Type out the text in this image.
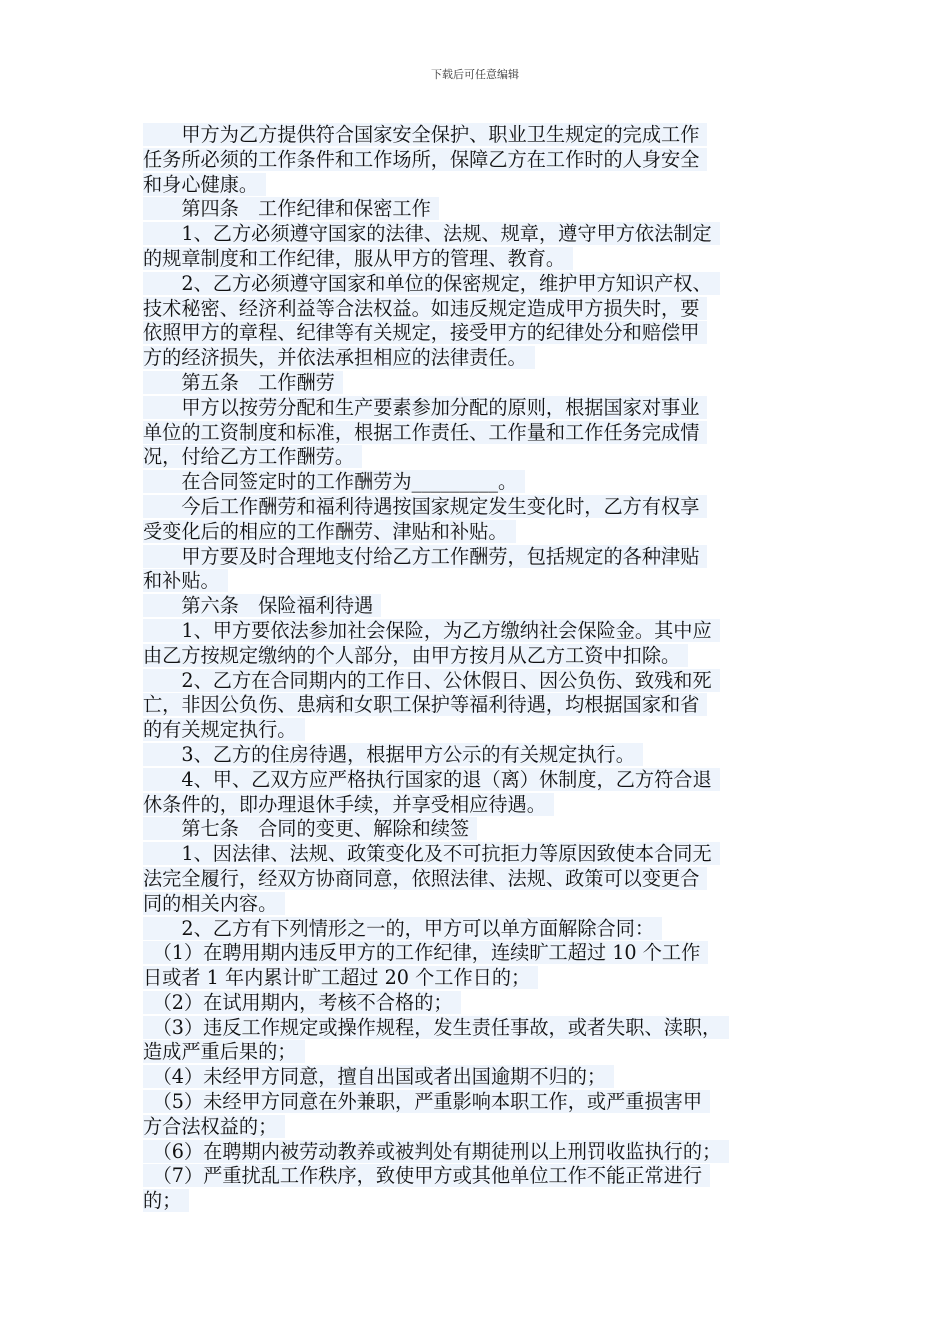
下载后可任意编辑
　　甲方为乙方提供符合国家安全保护、职业卫生规定的完成工作
任务所必须的工作条件和工作场所，保障乙方在工作时的人身安全
和身心健康。
　　第四条　工作纪律和保密工作
　　1、乙方必须遵守国家的法律、法规、规章，遵守甲方依法制定
的规章制度和工作纪律，服从甲方的管理、教育。
　　2、乙方必须遵守国家和单位的保密规定，维护甲方知识产权、
技术秘密、经济利益等合法权益。如违反规定造成甲方损失时，要
依照甲方的章程、纪律等有关规定，接受甲方的纪律处分和赔偿甲
方的经济损失，并依法承担相应的法律责任。
　　第五条　工作酬劳
　　甲方以按劳分配和生产要素参加分配的原则，根据国家对事业
单位的工资制度和标准，根据工作责任、工作量和工作任务完成情
况，付给乙方工作酬劳。
　　在合同签定时的工作酬劳为_________。
　　今后工作酬劳和福利待遇按国家规定发生变化时，乙方有权享
受变化后的相应的工作酬劳、津贴和补贴。
　　甲方要及时合理地支付给乙方工作酬劳，包括规定的各种津贴
和补贴。
　　第六条　保险福利待遇
　　1、甲方要依法参加社会保险，为乙方缴纳社会保险金。其中应
由乙方按规定缴纳的个人部分，由甲方按月从乙方工资中扣除。
　　2、乙方在合同期内的工作日、公休假日、因公负伤、致残和死
亡，非因公负伤、患病和女职工保护等福利待遇，均根据国家和省
的有关规定执行。
　　3、乙方的住房待遇，根据甲方公示的有关规定执行。
　　4、甲、乙双方应严格执行国家的退（离）休制度，乙方符合退
休条件的，即办理退休手续，并享受相应待遇。
　　第七条　合同的变更、解除和续签
　　1、因法律、法规、政策变化及不可抗拒力等原因致使本合同无
法完全履行，经双方协商同意，依照法律、法规、政策可以变更合
同的相关内容。
　　2、乙方有下列情形之一的，甲方可以单方面解除合同：
　（1）在聘用期内违反甲方的工作纪律，连续旷工超过 10 个工作
日或者 1 年内累计旷工超过 20 个工作日的；
　（2）在试用期内，考核不合格的；
　（3）违反工作规定或操作规程，发生责任事故，或者失职、渎职，
造成严重后果的；
　（4）未经甲方同意，擅自出国或者出国逾期不归的；
　（5）未经甲方同意在外兼职，严重影响本职工作，或严重损害甲
方合法权益的；
　（6）在聘期内被劳动教养或被判处有期徒刑以上刑罚收监执行的；
　（7）严重扰乱工作秩序，致使甲方或其他单位工作不能正常进行
的；
